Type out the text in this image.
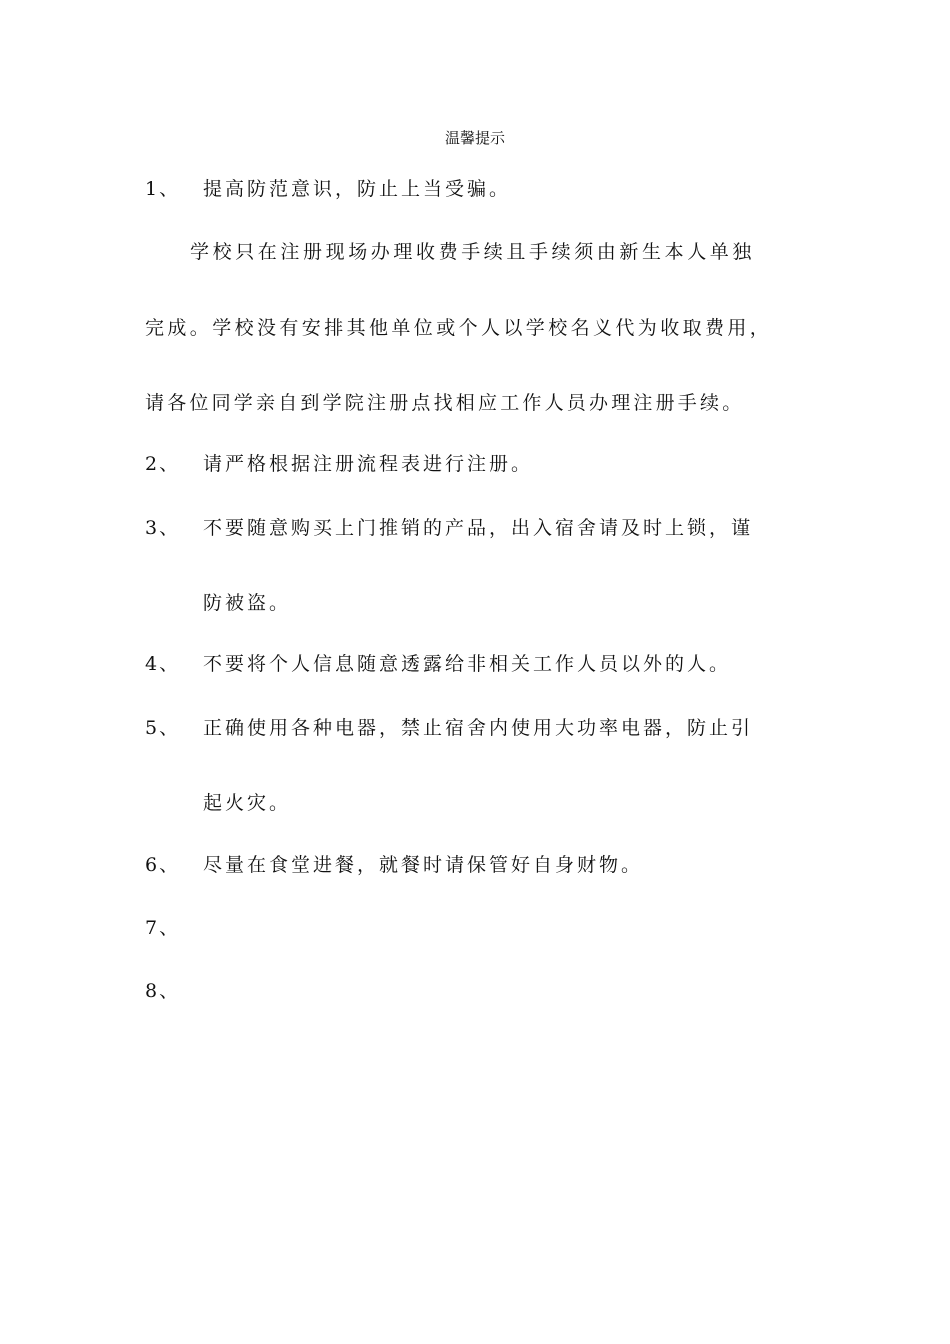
温馨提示
1、 提高防范意识，防止上当受骗。
学校只在注册现场办理收费手续且手续须由新生本人单独
完成。学校没有安排其他单位或个人以学校名义代为收取费用，
请各位同学亲自到学院注册点找相应工作人员办理注册手续。
2、 请严格根据注册流程表进行注册。
3、 不要随意购买上门推销的产品，出入宿舍请及时上锁，谨
防被盗。
4、 不要将个人信息随意透露给非相关工作人员以外的人。
5、 正确使用各种电器，禁止宿舍内使用大功率电器，防止引
起火灾。
6、 尽量在食堂进餐，就餐时请保管好自身财物。
7、
8、
